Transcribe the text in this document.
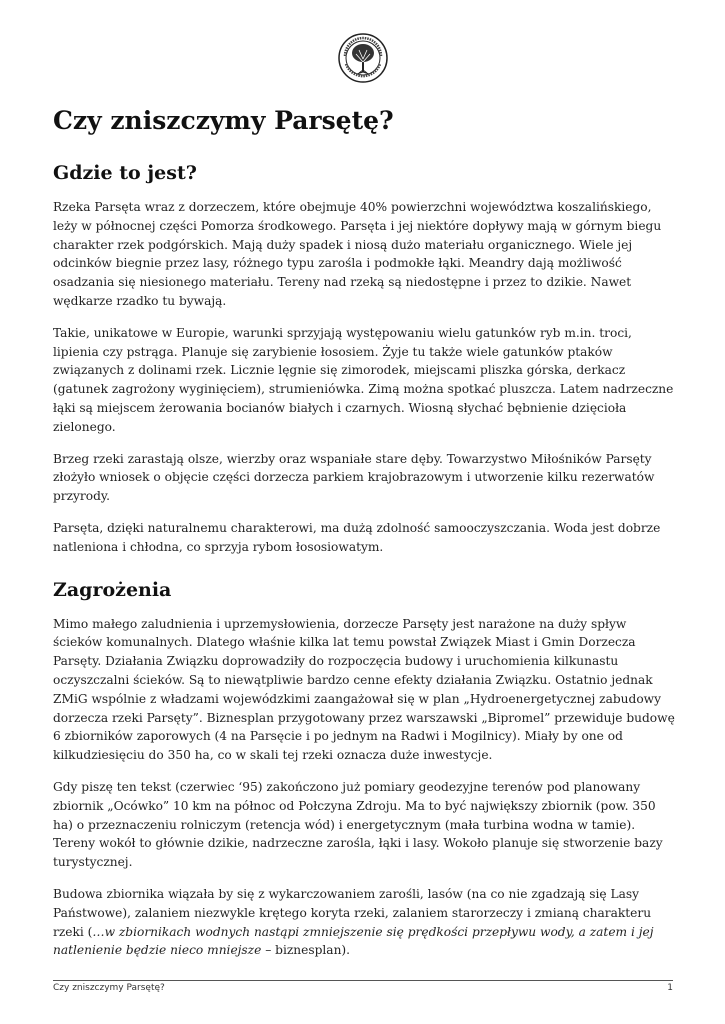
Czy zniszczymy Parsętę?
Gdzie to jest?

Rzeka Parsęta wraz z dorzeczem, które obejmuje 40% powierzchni województwa koszalińskiego, leży w północnej części Pomorza środkowego. Parsęta i jej niektóre dopływy mają w górnym biegu charakter rzek podgórskich. Mają duży spadek i niosą dużo materiału organicznego. Wiele jej odcinków biegnie przez lasy, różnego typu zarośla i podmokłe łąki. Meandry dają możliwość osadzania się niesionego materiału. Tereny nad rzeką są niedostępne i przez to dzikie. Nawet wędkarze rzadko tu bywają.

Takie, unikatowe w Europie, warunki sprzyjają występowaniu wielu gatunków ryb m.in. troci, lipienia czy pstrąga. Planuje się zarybienie łososiem. Żyje tu także wiele gatunków ptaków związanych z dolinami rzek. Licznie lęgnie się zimorodek, miejscami pliszka górska, derkacz (gatunek zagrożony wyginięciem), strumieniówka. Zimą można spotkać pluszcza. Latem nadrzeczne łąki są miejscem żerowania bocianów białych i czarnych. Wiosną słychać bębnienie dzięcioła zielonego.

Brzeg rzeki zarastają olsze, wierzby oraz wspaniałe stare dęby. Towarzystwo Miłośników Parsęty złożyło wniosek o objęcie części dorzecza parkiem krajobrazowym i utworzenie kilku rezerwatów przyrody.

Parsęta, dzięki naturalnemu charakterowi, ma dużą zdolność samooczyszczania. Woda jest dobrze natleniona i chłodna, co sprzyja rybom łososiowatym.

Zagrożenia

Mimo małego zaludnienia i uprzemysłowienia, dorzecze Parsęty jest narażone na duży spływ ścieków komunalnych. Dlatego właśnie kilka lat temu powstał Związek Miast i Gmin Dorzecza Parsęty. Działania Związku doprowadziły do rozpoczęcia budowy i uruchomienia kilkunastu oczyszczalni ścieków. Są to niewątpliwie bardzo cenne efekty działania Związku. Ostatnio jednak ZMiG wspólnie z władzami wojewódzkimi zaangażował się w plan „Hydroenergetycznej zabudowy dorzecza rzeki Parsęty”. Biznesplan przygotowany przez warszawski „Bipromel” przewiduje budowę 6 zbiorników zaporowych (4 na Parsęcie i po jednym na Radwi i Mogilnicy). Miały by one od kilkudziesięciu do 350 ha, co w skali tej rzeki oznacza duże inwestycje.

Gdy piszę ten tekst (czerwiec ‘95) zakończono już pomiary geodezyjne terenów pod planowany zbiornik „Ocówko” 10 km na północ od Połczyna Zdroju. Ma to być największy zbiornik (pow. 350 ha) o przeznaczeniu rolniczym (retencja wód) i energetycznym (mała turbina wodna w tamie). Tereny wokół to głównie dzikie, nadrzeczne zarośla, łąki i lasy. Wokoło planuje się stworzenie bazy turystycznej.

Budowa zbiornika wiązała by się z wykarczowaniem zarośli, lasów (na co nie zgadzają się Lasy Państwowe), zalaniem niezwykle krętego koryta rzeki, zalaniem starorzeczy i zmianą charakteru rzeki (…w zbiornikach wodnych nastąpi zmniejszenie się prędkości przepływu wody, a zatem i jej natlenienie będzie nieco mniejsze – biznesplan).

Czy zniszczymy Parsętę?	1
